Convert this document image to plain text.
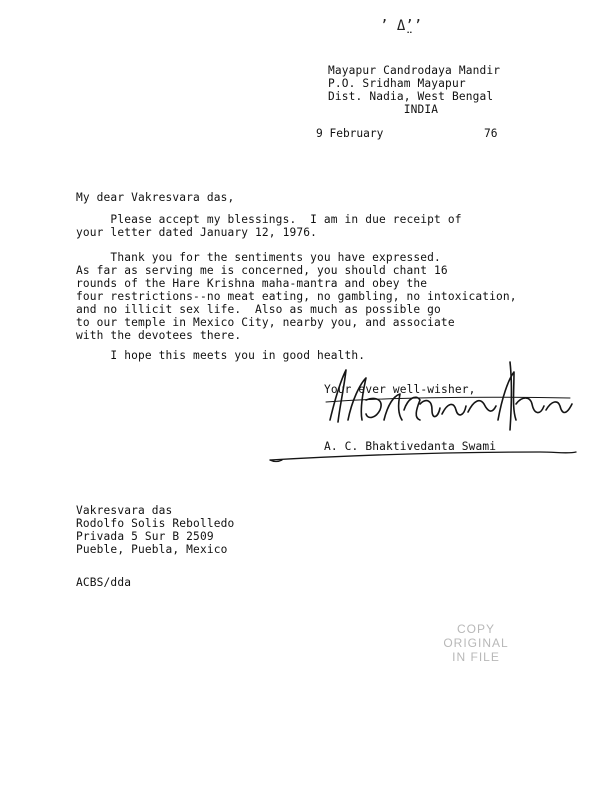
’ Δ̤’’
Mayapur Candrodaya Mandir
P.O. Sridham Mayapur
Dist. Nadia, West Bengal
INDIA
9 February	76
My dear Vakresvara das,
Please accept my blessings.  I am in due receipt of
your letter dated January 12, 1976.
Thank you for the sentiments you have expressed.
As far as serving me is concerned, you should chant 16
rounds of the Hare Krishna maha-mantra and obey the
four restrictions--no meat eating, no gambling, no intoxication,
and no illicit sex life.  Also as much as possible go
to our temple in Mexico City, nearby you, and associate
with the devotees there.
I hope this meets you in good health.
Your ever well-wisher,
A. C. Bhaktivedanta Swami
Vakresvara das
Rodolfo Solis Rebolledo
Privada 5 Sur B 2509
Pueble, Puebla, Mexico
ACBS/dda
COPY
ORIGINAL
IN FILE
